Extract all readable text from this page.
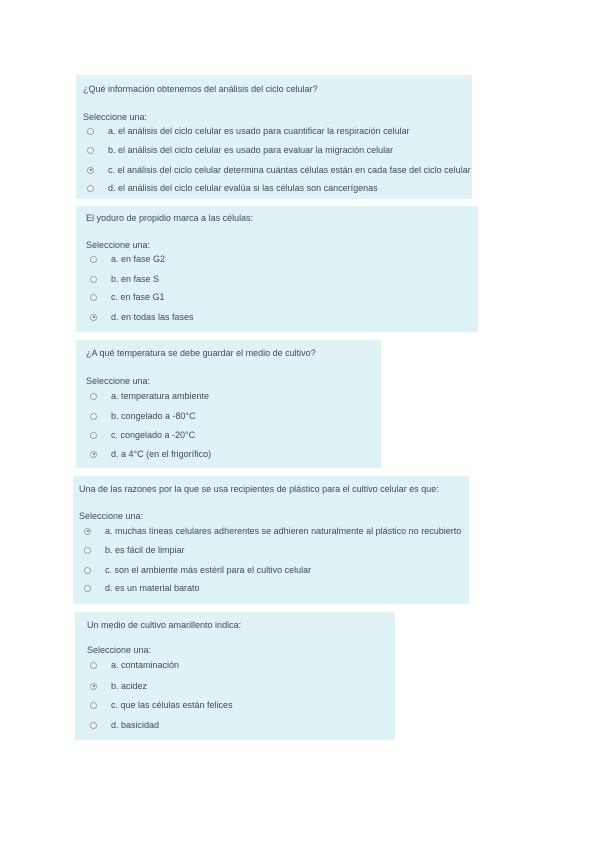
¿Qué información obtenemos del análisis del ciclo celular?
Seleccione una:
a. el análisis del ciclo celular es usado para cuantificar la respiración celular
b. el análisis del ciclo celular es usado para evaluar la migración celular
c. el análisis del ciclo celular determina cuántas células están en cada fase del ciclo celular
d. el análisis del ciclo celular evalúa si las células son cancerígenas
El yoduro de propidio marca a las células:
Seleccione una:
a. en fase G2
b. en fase S
c. en fase G1
d. en todas las fases
¿A qué temperatura se debe guardar el medio de cultivo?
Seleccione una:
a. temperatura ambiente
b. congelado a -80°C
c. congelado a -20°C
d. a 4°C (en el frigorífico)
Una de las razones por la que se usa recipientes de plástico para el cultivo celular es que:
Seleccione una:
a. muchas líneas celulares adherentes se adhieren naturalmente al plástico no recubierto
b. es fácil de limpiar
c. son el ambiente más estéril para el cultivo celular
d. es un material barato
Un medio de cultivo amarillento indica:
Seleccione una:
a. contaminación
b. acidez
c. que las células están felices
d. basicidad
